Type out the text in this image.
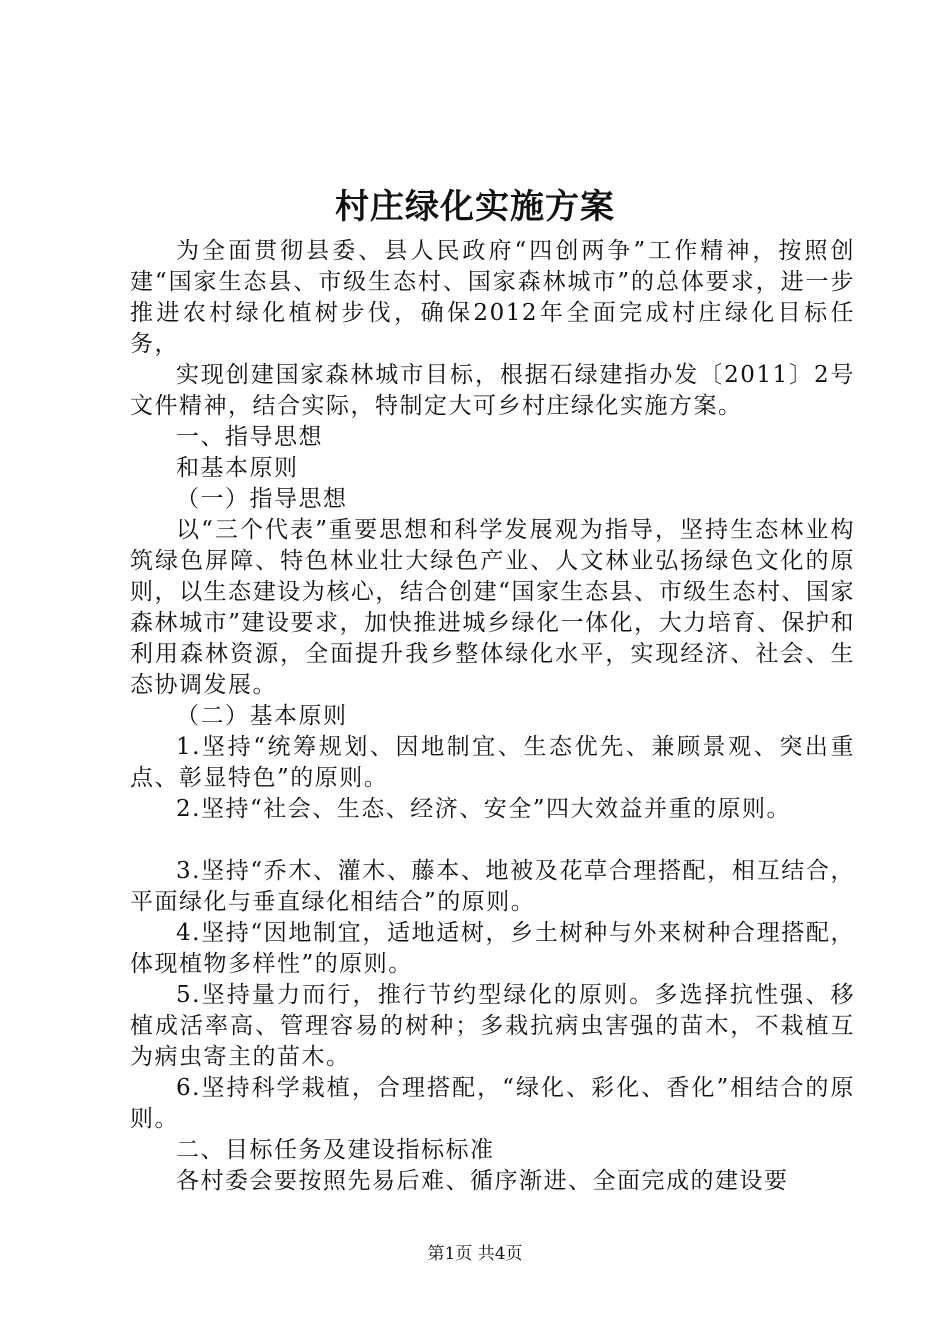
村庄绿化实施方案

为全面贯彻县委、县人民政府“四创两争”工作精神，按照创建“国家生态县、市级生态村、国家森林城市”的总体要求，进一步推进农村绿化植树步伐，确保2012年全面完成村庄绿化目标任务，

实现创建国家森林城市目标，根据石绿建指办发〔2011〕2号文件精神，结合实际，特制定大可乡村庄绿化实施方案。

一、指导思想

和基本原则

（一）指导思想

以“三个代表”重要思想和科学发展观为指导，坚持生态林业构筑绿色屏障、特色林业壮大绿色产业、人文林业弘扬绿色文化的原则，以生态建设为核心，结合创建“国家生态县、市级生态村、国家森林城市”建设要求，加快推进城乡绿化一体化，大力培育、保护和利用森林资源，全面提升我乡整体绿化水平，实现经济、社会、生态协调发展。

（二）基本原则

1.坚持“统筹规划、因地制宜、生态优先、兼顾景观、突出重点、彰显特色”的原则。

2.坚持“社会、生态、经济、安全”四大效益并重的原则。

3.坚持“乔木、灌木、藤本、地被及花草合理搭配，相互结合，平面绿化与垂直绿化相结合”的原则。

4.坚持“因地制宜，适地适树，乡土树种与外来树种合理搭配，体现植物多样性”的原则。

5.坚持量力而行，推行节约型绿化的原则。多选择抗性强、移植成活率高、管理容易的树种；多栽抗病虫害强的苗木，不栽植互为病虫寄主的苗木。

6.坚持科学栽植，合理搭配，“绿化、彩化、香化”相结合的原则。

二、目标任务及建设指标标准

各村委会要按照先易后难、循序渐进、全面完成的建设要

第1页 共4页
